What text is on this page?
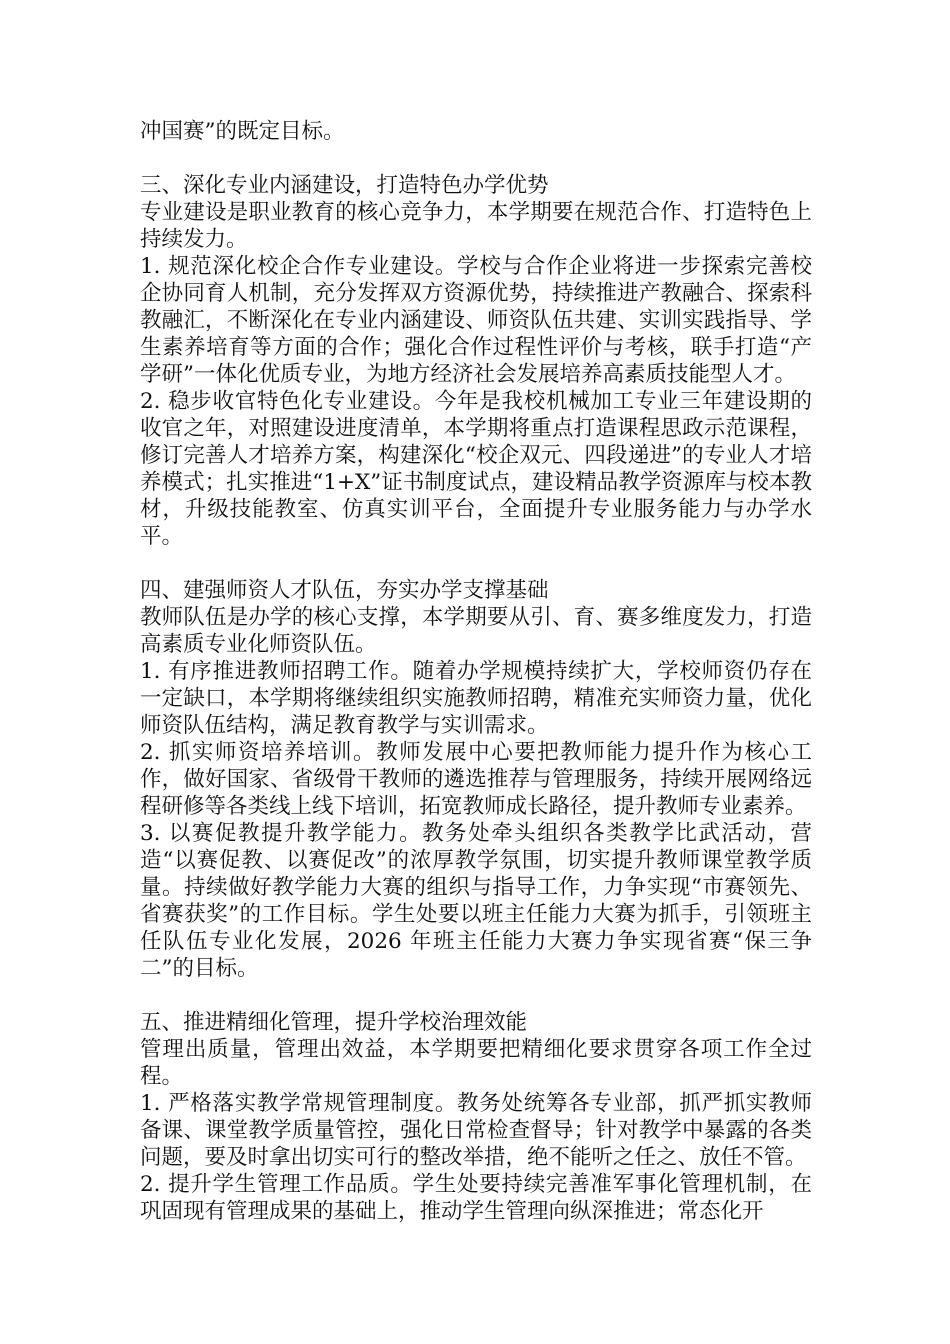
冲国赛”的既定目标。

三、深化专业内涵建设，打造特色办学优势

专业建设是职业教育的核心竞争力，本学期要在规范合作、打造特色上持续发力。

1. 规范深化校企合作专业建设。学校与合作企业将进一步探索完善校企协同育人机制，充分发挥双方资源优势，持续推进产教融合、探索科教融汇，不断深化在专业内涵建设、师资队伍共建、实训实践指导、学生素养培育等方面的合作；强化合作过程性评价与考核，联手打造“产学研”一体化优质专业，为地方经济社会发展培养高素质技能型人才。

2. 稳步收官特色化专业建设。今年是我校机械加工专业三年建设期的收官之年，对照建设进度清单，本学期将重点打造课程思政示范课程，修订完善人才培养方案，构建深化“校企双元、四段递进”的专业人才培养模式；扎实推进“1+X”证书制度试点，建设精品教学资源库与校本教材，升级技能教室、仿真实训平台，全面提升专业服务能力与办学水平。

四、建强师资人才队伍，夯实办学支撑基础

教师队伍是办学的核心支撑，本学期要从引、育、赛多维度发力，打造高素质专业化师资队伍。

1. 有序推进教师招聘工作。随着办学规模持续扩大，学校师资仍存在一定缺口，本学期将继续组织实施教师招聘，精准充实师资力量，优化师资队伍结构，满足教育教学与实训需求。

2. 抓实师资培养培训。教师发展中心要把教师能力提升作为核心工作，做好国家、省级骨干教师的遴选推荐与管理服务，持续开展网络远程研修等各类线上线下培训，拓宽教师成长路径，提升教师专业素养。

3. 以赛促教提升教学能力。教务处牵头组织各类教学比武活动，营造“以赛促教、以赛促改”的浓厚教学氛围，切实提升教师课堂教学质量。持续做好教学能力大赛的组织与指导工作，力争实现“市赛领先、省赛获奖”的工作目标。学生处要以班主任能力大赛为抓手，引领班主任队伍专业化发展，2026 年班主任能力大赛力争实现省赛“保三争二”的目标。

五、推进精细化管理，提升学校治理效能

管理出质量，管理出效益，本学期要把精细化要求贯穿各项工作全过程。

1. 严格落实教学常规管理制度。教务处统筹各专业部，抓严抓实教师备课、课堂教学质量管控，强化日常检查督导；针对教学中暴露的各类问题，要及时拿出切实可行的整改举措，绝不能听之任之、放任不管。

2. 提升学生管理工作品质。学生处要持续完善准军事化管理机制，在巩固现有管理成果的基础上，推动学生管理向纵深推进；常态化开
